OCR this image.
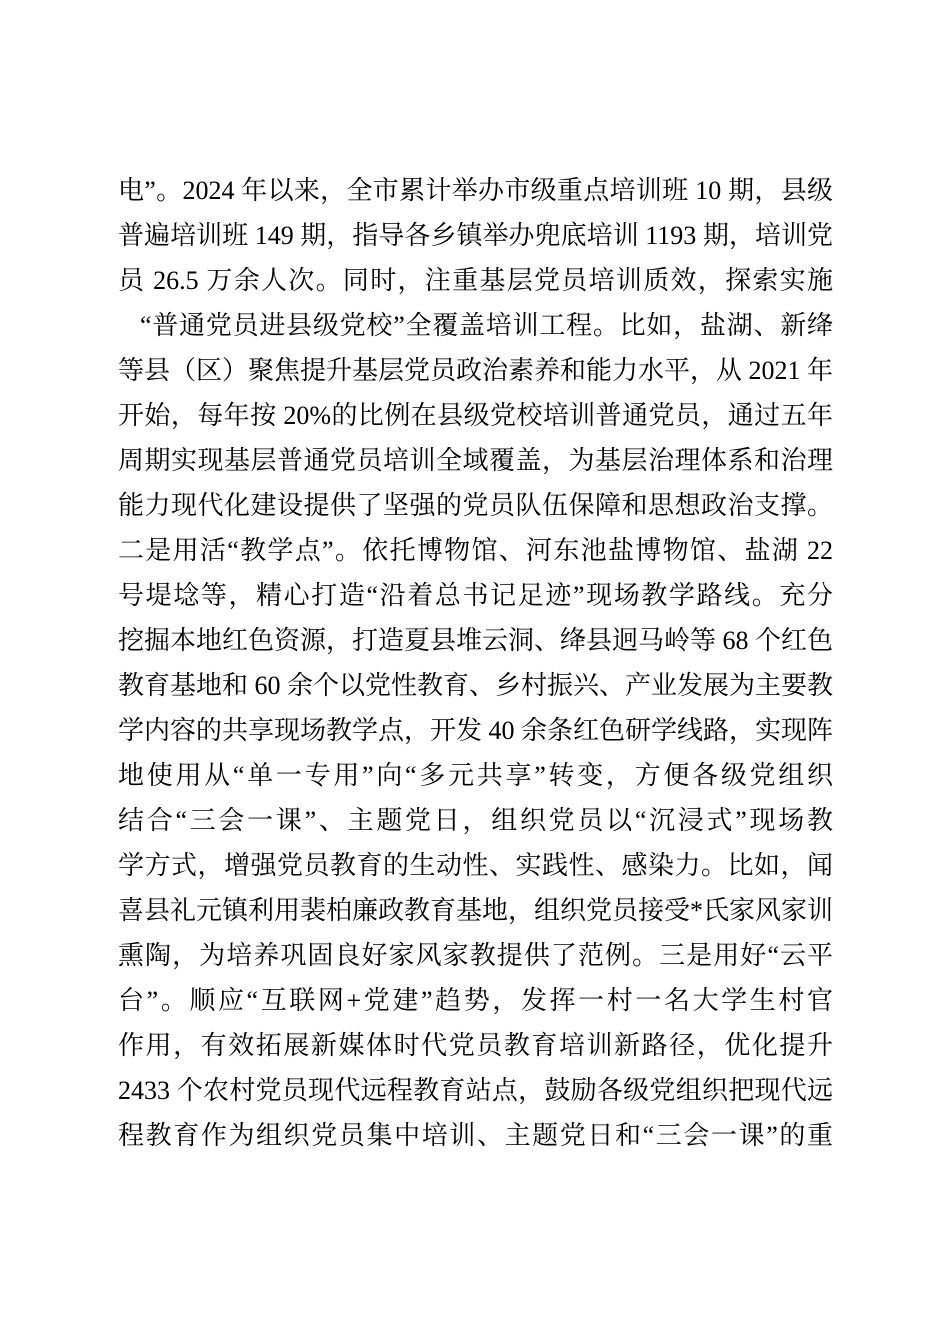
电”。2024 年以来，全市累计举办市级重点培训班 10 期，县级
普遍培训班 149 期，指导各乡镇举办兜底培训 1193 期，培训党
员 26.5 万余人次。同时，注重基层党员培训质效，探索实施
“普通党员进县级党校”全覆盖培训工程。比如，盐湖、新绛
等县（区）聚焦提升基层党员政治素养和能力水平，从 2021 年
开始，每年按 20%的比例在县级党校培训普通党员，通过五年
周期实现基层普通党员培训全域覆盖，为基层治理体系和治理
能力现代化建设提供了坚强的党员队伍保障和思想政治支撑。
二是用活“教学点”。依托博物馆、河东池盐博物馆、盐湖 22
号堤埝等，精心打造“沿着总书记足迹”现场教学路线。充分
挖掘本地红色资源，打造夏县堆云洞、绛县迥马岭等 68 个红色
教育基地和 60 余个以党性教育、乡村振兴、产业发展为主要教
学内容的共享现场教学点，开发 40 余条红色研学线路，实现阵
地使用从“单一专用”向“多元共享”转变，方便各级党组织
结合“三会一课”、主题党日，组织党员以“沉浸式”现场教
学方式，增强党员教育的生动性、实践性、感染力。比如，闻
喜县礼元镇利用裴柏廉政教育基地，组织党员接受*氏家风家训
熏陶，为培养巩固良好家风家教提供了范例。三是用好“云平
台”。顺应“互联网+党建”趋势，发挥一村一名大学生村官
作用，有效拓展新媒体时代党员教育培训新路径，优化提升
2433 个农村党员现代远程教育站点，鼓励各级党组织把现代远
程教育作为组织党员集中培训、主题党日和“三会一课”的重
